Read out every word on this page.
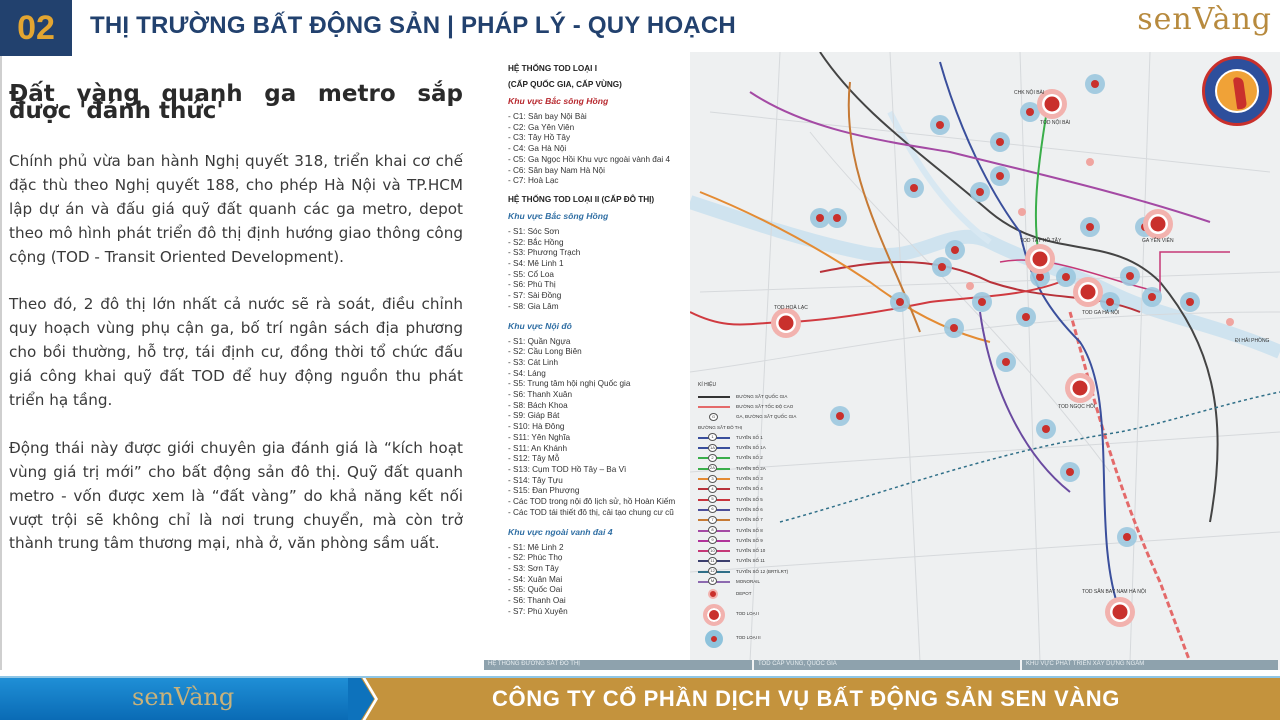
02	THỊ TRƯỜNG BẤT ĐỘNG SẢN | PHÁP LÝ - QUY HOẠCH	senVàng
Đất vàng quanh ga metro sắp được 'đánh thức'

Chính phủ vừa ban hành Nghị quyết 318, triển khai cơ chế đặc thù theo Nghị quyết 188, cho phép Hà Nội và TP.HCM lập dự án và đấu giá quỹ đất quanh các ga metro, depot theo mô hình phát triển đô thị định hướng giao thông công cộng (TOD - Transit Oriented Development).

Theo đó, 2 đô thị lớn nhất cả nước sẽ rà soát, điều chỉnh quy hoạch vùng phụ cận ga, bố trí ngân sách địa phương cho bồi thường, hỗ trợ, tái định cư, đồng thời tổ chức đấu giá công khai quỹ đất TOD để huy động nguồn thu phát triển hạ tầng.

Động thái này được giới chuyên gia đánh giá là “kích hoạt vùng giá trị mới” cho bất động sản đô thị. Quỹ đất quanh metro - vốn được xem là “đất vàng” do khả năng kết nối vượt trội sẽ không chỉ là nơi trung chuyển, mà còn trở thành trung tâm thương mại, nhà ở, văn phòng sầm uất.

HỆ THỐNG TOD LOẠI I
(CẤP QUỐC GIA, CẤP VÙNG)
Khu vực Bắc sông Hồng
- C1: Sân bay Nội Bài
- C2: Ga Yên Viên
- C3: Tây Hồ Tây
- C4: Ga Hà Nội
- C5: Ga Ngọc Hồi Khu vực ngoài vành đai 4
- C6: Sân bay Nam Hà Nội
- C7: Hoà Lạc
HỆ THỐNG TOD LOẠI II (CẤP ĐÔ THỊ)
Khu vực Bắc sông Hồng
- S1: Sóc Sơn
- S2: Bắc Hồng
- S3: Phương Trạch
- S4: Mê Linh 1
- S5: Cổ Loa
- S6: Phù Thị
- S7: Sài Đồng
- S8: Gia Lâm
Khu vực Nội đô
- S1: Quần Ngựa
- S2: Cầu Long Biên
- S3: Cát Linh
- S4: Láng
- S5: Trung tâm hội nghị Quốc gia
- S6: Thanh Xuân
- S8: Bách Khoa
- S9: Giáp Bát
- S10: Hà Đông
- S11: Yên Nghĩa
- S11: An Khánh
- S12: Tây Mỗ
- S13: Cụm TOD Hồ Tây – Ba Vì
- S14: Tây Tựu
- S15: Đan Phượng
- Các TOD trong nội đô lịch sử, hồ Hoàn Kiếm
- Các TOD tái thiết đô thị, cải tạo chung cư cũ
Khu vực ngoài vanh đai 4
- S1: Mê Linh 2
- S2: Phúc Thọ
- S3: Sơn Tây
- S4: Xuân Mai
- S5: Quốc Oai
- S6: Thanh Oai
- S7: Phú Xuyên
CHK NỘI BÀI
TOD NỘI BÀI
TOD HOÀ LẠC
GA YÊN VIÊN
TOD TÂY HỒ TÂY
TOD GA HÀ NỘI
TOD NGỌC HỒI
TOD SÂN BAY NAM HÀ NỘI
ĐI HẢI PHÒNG
KÍ HIỆU
ĐƯỜNG SẮT QUỐC GIA
ĐƯỜNG SẮT TỐC ĐỘ CAO
G	GA, ĐƯỜNG SẮT QUỐC GIA
ĐƯỜNG SẮT ĐÔ THỊ
1	TUYẾN SỐ 1
1A	TUYẾN SỐ 1A
2	TUYẾN SỐ 2
2A	TUYẾN SỐ 2A
3	TUYẾN SỐ 3
4	TUYẾN SỐ 4
5	TUYẾN SỐ 5
6	TUYẾN SỐ 6
7	TUYẾN SỐ 7
8	TUYẾN SỐ 8
9	TUYẾN SỐ 9
10	TUYẾN SỐ 10
11	TUYẾN SỐ 11
12	TUYẾN SỐ 12 (BRT/LRT)
M	MONORAIL
DEPOT
TOD LOẠI I
TOD LOẠI II
HỆ THỐNG ĐƯỜNG SẮT ĐÔ THỊ	TOD CẤP VÙNG, QUỐC GIA	KHU VỰC PHÁT TRIỂN XÂY DỰNG NGẦM
senVàng	CÔNG TY CỔ PHẦN DỊCH VỤ BẤT ĐỘNG SẢN SEN VÀNG
